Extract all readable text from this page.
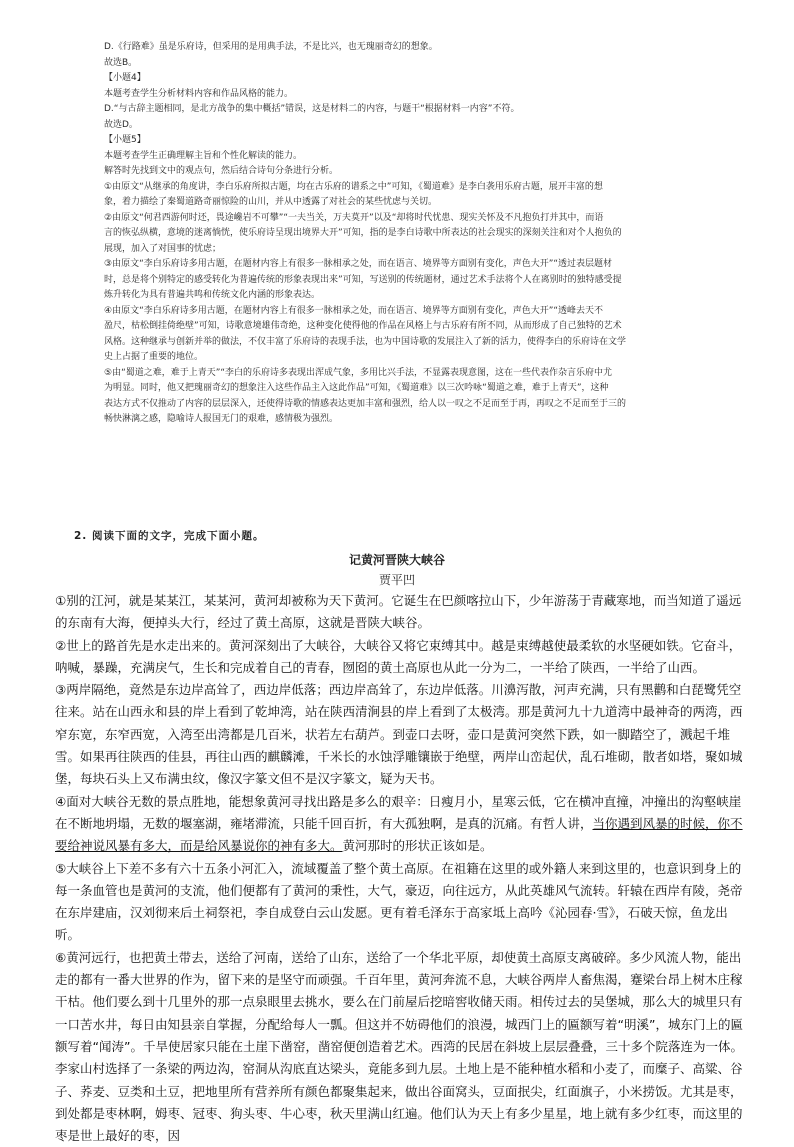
D.《行路难》虽是乐府诗，但采用的是用典手法，不是比兴，也无瑰丽奇幻的想象。

故选B。

【小题4】

本题考查学生分析材料内容和作品风格的能力。

D.“与古辞主题相同，是北方战争的集中概括”错误，这是材料二的内容，与题干“根据材料一内容”不符。

故选D。

【小题5】

本题考查学生正确理解主旨和个性化解读的能力。

解答时先找到文中的观点句，然后结合诗句分条进行分析。

①由原文“从继承的角度讲，李白乐府所拟古题，均在古乐府的谱系之中”可知，《蜀道难》是李白袭用乐府古题，展开丰富的想

象，着力描绘了秦蜀道路奇丽惊险的山川，并从中透露了对社会的某些忧虑与关切。

②由原文“何君西游何时还，畏途巉岩不可攀”“一夫当关，万夫莫开”以及“却将时代忧患、现实关怀及不凡抱负打并其中，而语

言的恢弘纵横，意境的迷离惝恍，使乐府诗呈现出境界大开”可知，指的是李白诗歌中所表达的社会现实的深刻关注和对个人抱负的

展现，加入了对国事的忧虑；

③由原文“李白乐府诗多用古题，在题材内容上有很多一脉相承之处，而在语言、境界等方面别有变化，声色大开”“透过表层题材

时，总是将个别特定的感受转化为普遍传统的形象表现出来”可知，写送别的传统题材，通过艺术手法将个人在离别时的独特感受提

炼升转化为具有普遍共鸣和传统文化内涵的形象表达。

④由原文“李白乐府诗多用古题，在题材内容上有很多一脉相承之处，而在语言、境界等方面别有变化，声色大开”“透峰去天不

盈尺，枯松倒挂倚绝壁”可知，诗歌意境雄伟奇绝，这种变化使得他的作品在风格上与古乐府有所不同，从而形成了自己独特的艺术

风格。这种继承与创新并举的做法，不仅丰富了乐府诗的表现手法，也为中国诗歌的发展注入了新的活力，使得李白的乐府诗在文学

史上占据了重要的地位。

⑤由“蜀道之难，难于上青天”“李白的乐府诗多表现出浑成气象，多用比兴手法，不显露表现意图，这在一些代表作杂言乐府中尤

为明显。同时，他又把瑰丽奇幻的想象注入这些作品主入这此作品”可知，《蜀道难》以三次吟咏“蜀道之难，难于上青天”，这种

表达方式不仅推动了内容的层层深入，还使得诗歌的情感表达更加丰富和强烈，给人以一叹之不足而至于再，再叹之不足而至于三的

畅快淋漓之感，隐喻诗人报国无门的艰难，感情极为强烈。

2. 阅读下面的文字，完成下面小题。
记黄河晋陕大峡谷
贾平凹

①别的江河，就是某某江，某某河，黄河却被称为天下黄河。它诞生在巴颜喀拉山下，少年游荡于青藏寒地，而当知道了遥远的东南有大海，便掉头大行，经过了黄土高原，这就是晋陕大峡谷。

②世上的路首先是水走出来的。黄河深刻出了大峡谷，大峡谷又将它束缚其中。越是束缚越使最柔软的水坚硬如铁。它奋斗，呐喊，暴躁，充满戾气，生长和完成着自己的青春，囫囵的黄土高原也从此一分为二，一半给了陕西，一半给了山西。

③两岸隔绝，竟然是东边岸高耸了，西边岸低落；西边岸高耸了，东边岸低落。川濞泻散，河声充满，只有黑鹳和白琵鹭凭空往来。站在山西永和县的岸上看到了乾坤湾，站在陕西清涧县的岸上看到了太极湾。那是黄河九十九道湾中最神奇的两湾，西窄东宽，东窄西宽，入湾至出湾都是几百米，状若左右葫芦。到壶口去呀，壶口是黄河突然下跌，如一脚踏空了，溅起千堆雪。如果再往陕西的佳县，再往山西的麒麟滩，千米长的水蚀浮雕镶嵌于绝壁，两岸山峦起伏，乱石堆砌，散者如塔，聚如城堡，每块石头上又布满虫纹，像汉字篆文但不是汉字篆文，疑为天书。

④面对大峡谷无数的景点胜地，能想象黄河寻找出路是多么的艰辛：日瘦月小，星寒云低，它在横冲直撞，冲撞出的沟壑峡崖在不断地坍塌，无数的堰塞湖，雍堵滞流，只能千回百折，有大孤独啊，是真的沉痛。有哲人讲，当你遇到风暴的时候，你不要给神说风暴有多大，而是给风暴说你的神有多大。黄河那时的形状正该如是。

⑤大峡谷上下差不多有六十五条小河汇入，流域覆盖了整个黄土高原。在祖籍在这里的或外籍人来到这里的，也意识到身上的每一条血管也是黄河的支流，他们便都有了黄河的秉性，大气，豪迈，向往远方，从此英雄风气流转。轩辕在西岸有陵，尧帝在东岸建庙，汉刘彻来后土祠祭祀，李自成登白云山发愿。更有着毛泽东于高家坻上高吟《沁园春·雪》，石破天惊，鱼龙出听。

⑥黄河远行，也把黄土带去，送给了河南，送给了山东，送给了一个华北平原，却使黄土高原支离破碎。多少风流人物，能出走的都有一番大世界的作为，留下来的是坚守而顽强。千百年里，黄河奔流不息，大峡谷两岸人畜焦渴，蹇梁台昂上树木庄稼干枯。他们要么到十几里外的那一点泉眼里去挑水，要么在门前屋后挖暗窖收储天雨。相传过去的吴堡城，那么大的城里只有一口苦水井，每日由知县亲自掌握，分配给每人一瓢。但这并不妨碍他们的浪漫，城西门上的匾额写着“明溪”，城东门上的匾额写着“闻涛”。千旱使居家只能在土崖下凿窑，凿窑便创造着艺术。西湾的民居在斜坡上层层叠叠，三十多个院落连为一体。李家山村选择了一条梁的两边沟，窑洞从沟底直达梁头，竟能多到九层。土地上是不能种植水稻和小麦了，而糜子、高粱、谷子、荞麦、豆类和土豆，把地里所有营养所有颜色都聚集起来，做出谷面窝头，豆面抿尖，红面旗子，小米捞饭。尤其是枣，到处都是枣林啊，姆枣、冠枣、狗头枣、牛心枣，秋天里满山红遍。他们认为天上有多少星星，地上就有多少红枣，而这里的枣是世上最好的枣，因
